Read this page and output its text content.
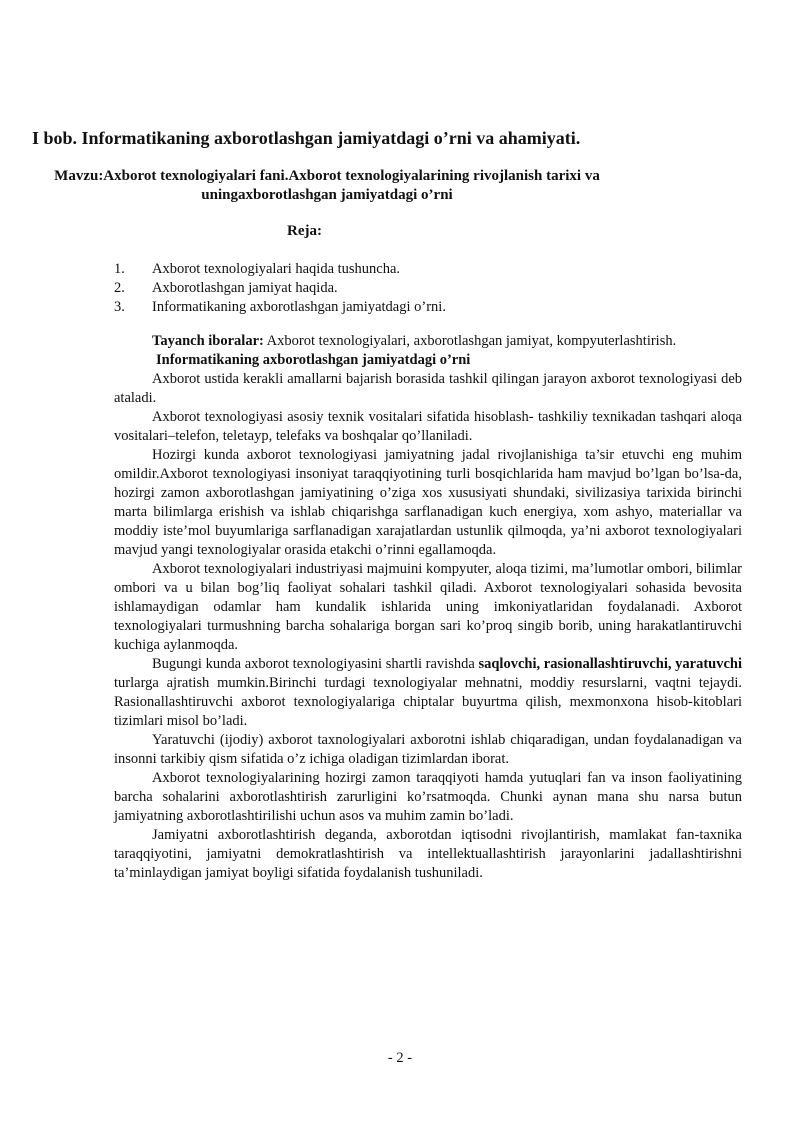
I bob. Informatikaning axborotlashgan jamiyatdagi o’rni va ahamiyati.
Mavzu:Axborot texnologiyalari fani.Axborot texnologiyalarining rivojlanish tarixi va uningaxborotlashgan jamiyatdagi o’rni
Reja:
1. Axborot texnologiyalari haqida tushuncha.
2. Axborotlashgan jamiyat haqida.
3. Informatikaning axborotlashgan jamiyatdagi o’rni.

Tayanch iboralar: Axborot texnologiyalari, axborotlashgan jamiyat, kompyuterlashtirish.

Informatikaning axborotlashgan jamiyatdagi o’rni

Axborot ustida kerakli amallarni bajarish borasida tashkil qilingan jarayon axborot texnologiyasi deb ataladi.

Axborot texnologiyasi asosiy texnik vositalari sifatida hisoblash- tashkiliy texnikadan tashqari aloqa vositalari–telefon, teletayp, telefaks va boshqalar qo’llaniladi.

Hozirgi kunda axborot texnologiyasi jamiyatning jadal rivojlanishiga ta’sir etuvchi eng muhim omildir.Axborot texnologiyasi insoniyat taraqqiyotining turli bosqichlarida ham mavjud bo’lgan bo’lsa-da, hozirgi zamon axborotlashgan jamiyatining o’ziga xos xususiyati shundaki, sivilizasiya tarixida birinchi marta bilimlarga erishish va ishlab chiqarishga sarflanadigan kuch energiya, xom ashyo, materiallar va moddiy iste’mol buyumlariga sarflanadigan xarajatlardan ustunlik qilmoqda, ya’ni axborot texnologiyalari mavjud yangi texnologiyalar orasida etakchi o’rinni egallamoqda.

Axborot texnologiyalari industriyasi majmuini kompyuter, aloqa tizimi, ma’lumotlar ombori, bilimlar ombori va u bilan bog’liq faoliyat sohalari tashkil qiladi. Axborot texnologiyalari sohasida bevosita ishlamaydigan odamlar ham kundalik ishlarida uning imkoniyatlaridan foydalanadi. Axborot texnologiyalari turmushning barcha sohalariga borgan sari ko’proq singib borib, uning harakatlantiruvchi kuchiga aylanmoqda.

Bugungi kunda axborot texnologiyasini shartli ravishda saqlovchi, rasionallashtiruvchi, yaratuvchi turlarga ajratish mumkin.Birinchi turdagi texnologiyalar mehnatni, moddiy resurslarni, vaqtni tejaydi. Rasionallashtiruvchi axborot texnologiyalariga chiptalar buyurtma qilish, mexmonxona hisob-kitoblari tizimlari misol bo’ladi.

Yaratuvchi (ijodiy) axborot taxnologiyalari axborotni ishlab chiqaradigan, undan foydalanadigan va insonni tarkibiy qism sifatida o’z ichiga oladigan tizimlardan iborat.

Axborot texnologiyalarining hozirgi zamon taraqqiyoti hamda yutuqlari fan va inson faoliyatining barcha sohalarini axborotlashtirish zarurligini ko’rsatmoqda. Chunki aynan mana shu narsa butun jamiyatning axborotlashtirilishi uchun asos va muhim zamin bo’ladi.

Jamiyatni axborotlashtirish deganda, axborotdan iqtisodni rivojlantirish, mamlakat fan-taxnika taraqqiyotini, jamiyatni demokratlashtirish va intellektuallashtirish jarayonlarini jadallashtirishni ta’minlaydigan jamiyat boyligi sifatida foydalanish tushuniladi.

- 2 -
